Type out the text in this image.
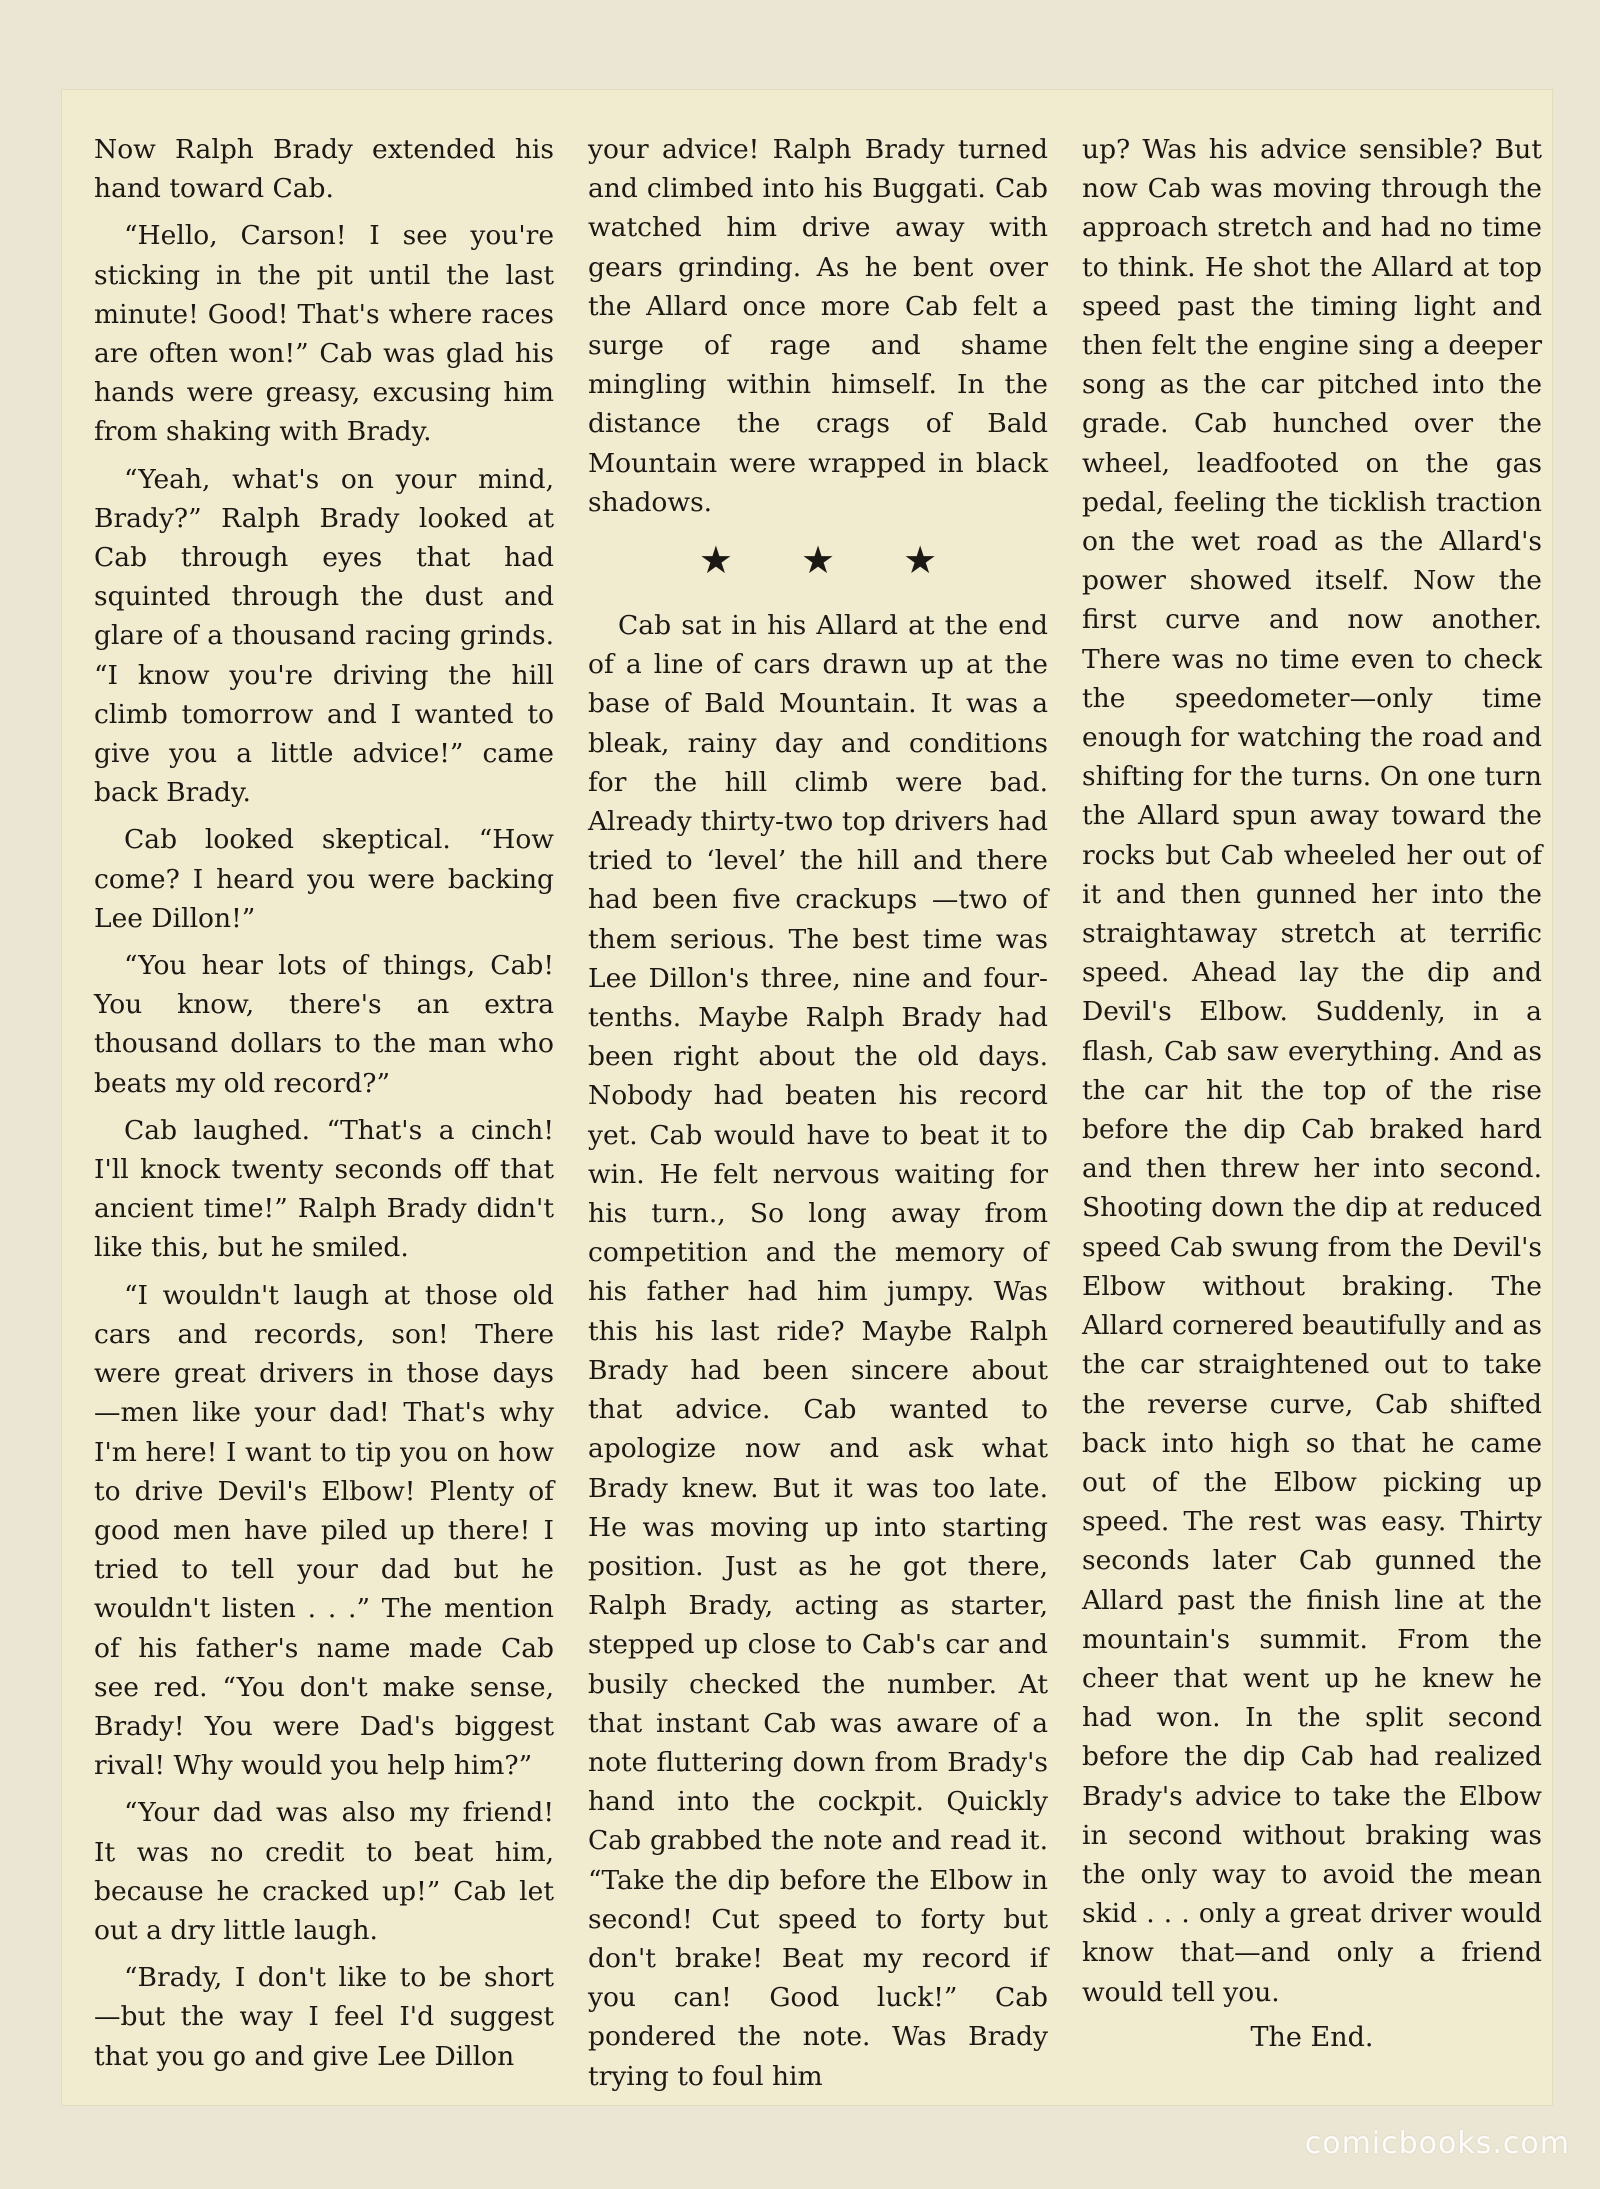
Now Ralph Brady extended his hand toward Cab.

“Hello, Carson! I see you're sticking in the pit until the last minute! Good! That's where races are often won!” Cab was glad his hands were greasy, excusing him from shaking with Brady.

“Yeah, what's on your mind, Brady?” Ralph Brady looked at Cab through eyes that had squinted through the dust and glare of a thousand racing grinds. “I know you're driving the hill climb tomorrow and I wanted to give you a little advice!” came back Brady.

Cab looked skeptical. “How come? I heard you were backing Lee Dillon!”

“You hear lots of things, Cab! You know, there's an extra thousand dollars to the man who beats my old record?”

Cab laughed. “That's a cinch! I'll knock twenty seconds off that ancient time!” Ralph Brady didn't like this, but he smiled.

“I wouldn't laugh at those old cars and records, son! There were great drivers in those days—men like your dad! That's why I'm here! I want to tip you on how to drive Devil's Elbow! Plenty of good men have piled up there! I tried to tell your dad but he wouldn't listen . . .” The mention of his father's name made Cab see red. “You don't make sense, Brady! You were Dad's biggest rival! Why would you help him?”

“Your dad was also my friend! It was no credit to beat him, because he cracked up!” Cab let out a dry little laugh.

“Brady, I don't like to be short —but the way I feel I'd suggest that you go and give Lee Dillon

your advice! Ralph Brady turned and climbed into his Buggati. Cab watched him drive away with gears grinding. As he bent over the Allard once more Cab felt a surge of rage and shame mingling within himself. In the distance the crags of Bald Mountain were wrapped in black shadows.

★ ★ ★

Cab sat in his Allard at the end of a line of cars drawn up at the base of Bald Mountain. It was a bleak, rainy day and conditions for the hill climb were bad. Already thirty-two top drivers had tried to ‘level’ the hill and there had been five crackups —two of them serious. The best time was Lee Dillon's three, nine and four-tenths. Maybe Ralph Brady had been right about the old days. Nobody had beaten his record yet. Cab would have to beat it to win. He felt nervous waiting for his turn., So long away from competition and the memory of his father had him jumpy. Was this his last ride? Maybe Ralph Brady had been sincere about that advice. Cab wanted to apologize now and ask what Brady knew. But it was too late. He was moving up into starting position. Just as he got there, Ralph Brady, acting as starter, stepped up close to Cab's car and busily checked the number. At that instant Cab was aware of a note fluttering down from Brady's hand into the cockpit. Quickly Cab grabbed the note and read it. “Take the dip before the Elbow in second! Cut speed to forty but don't brake! Beat my record if you can! Good luck!” Cab pondered the note. Was Brady trying to foul him

up? Was his advice sensible? But now Cab was moving through the approach stretch and had no time to think. He shot the Allard at top speed past the timing light and then felt the engine sing a deeper song as the car pitched into the grade. Cab hunched over the wheel, leadfooted on the gas pedal, feeling the ticklish traction on the wet road as the Allard's power showed itself. Now the first curve and now another. There was no time even to check the speedometer—only time enough for watching the road and shifting for the turns. On one turn the Allard spun away toward the rocks but Cab wheeled her out of it and then gunned her into the straightaway stretch at terrific speed. Ahead lay the dip and Devil's Elbow. Suddenly, in a flash, Cab saw everything. And as the car hit the top of the rise before the dip Cab braked hard and then threw her into second. Shooting down the dip at reduced speed Cab swung from the Devil's Elbow without braking. The Allard cornered beautifully and as the car straightened out to take the reverse curve, Cab shifted back into high so that he came out of the Elbow picking up speed. The rest was easy. Thirty seconds later Cab gunned the Allard past the finish line at the mountain's summit. From the cheer that went up he knew he had won. In the split second before the dip Cab had realized Brady's advice to take the Elbow in second without braking was the only way to avoid the mean skid . . . only a great driver would know that—and only a friend would tell you.

The End.
comicbooks.com
